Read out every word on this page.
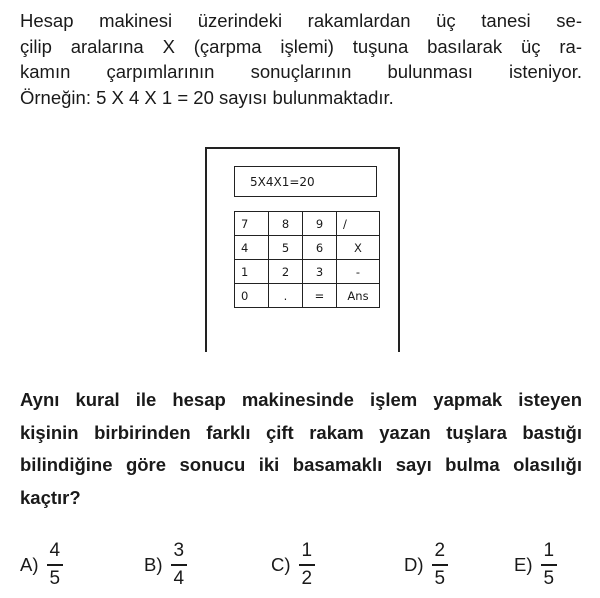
Hesap makinesi üzerindeki rakamlardan üç tanesi se-
çilip aralarına X (çarpma işlemi) tuşuna basılarak üç ra-
kamın çarpımlarının sonuçlarının bulunması isteniyor.
Örneğin: 5 X 4 X 1 = 20 sayısı bulunmaktadır.
5X4X1=20
7	8	9	/
4	5	6	X
1	2	3	-
0	.	=	Ans
Aynı kural ile hesap makinesinde işlem yapmak isteyen
kişinin birbirinden farklı çift rakam yazan tuşlara bastığı
bilindiğine göre sonucu iki basamaklı sayı bulma olasılığı
kaçtır?
$A) \frac{4}{5}$	$B) \frac{3}{4}$	$C) \frac{1}{2}$	$D) \frac{2}{5}$	$E) \frac{1}{5}$
